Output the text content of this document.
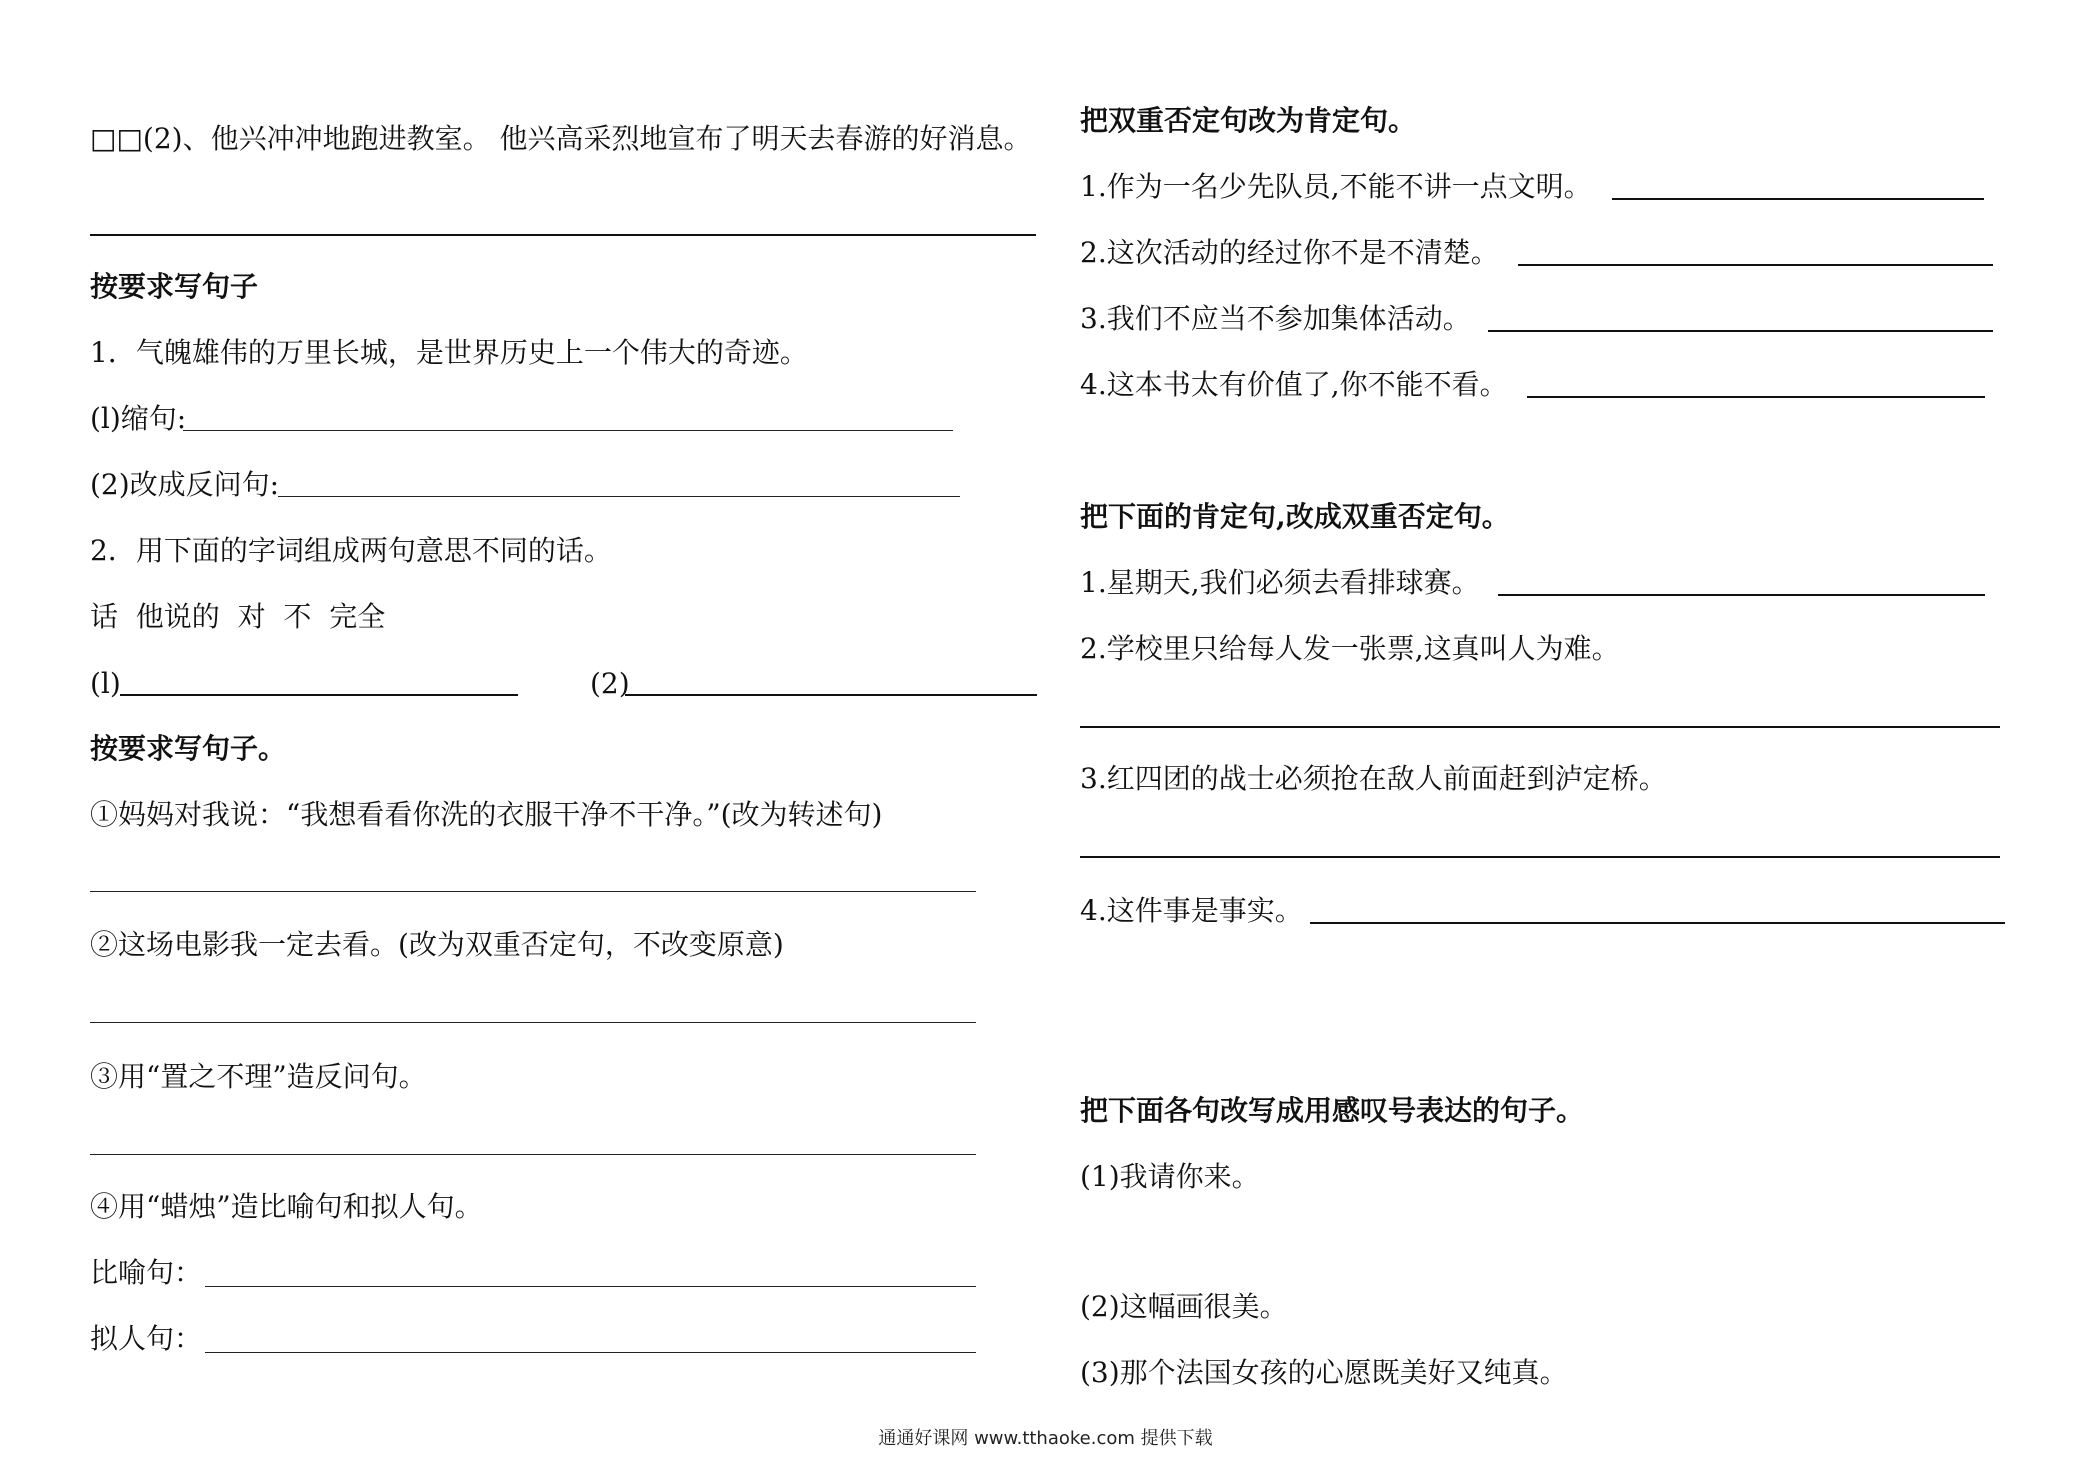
□□(2)、他兴冲冲地跑进教室。 他兴高采烈地宣布了明天去春游的好消息。
按要求写句子
1．气魄雄伟的万里长城，是世界历史上一个伟大的奇迹。
(l)缩句:
(2)改成反问句:
2．用下面的字词组成两句意思不同的话。
话  他说的  对  不  完全
(l)	(2)
按要求写句子。
①妈妈对我说：“我想看看你洗的衣服干净不干净。”(改为转述句)
②这场电影我一定去看。(改为双重否定句，不改变原意)
③用“置之不理”造反问句。
④用“蜡烛”造比喻句和拟人句。
比喻句：
拟人句：
把双重否定句改为肯定句。
1.作为一名少先队员,不能不讲一点文明。
2.这次活动的经过你不是不清楚。
3.我们不应当不参加集体活动。
4.这本书太有价值了,你不能不看。
把下面的肯定句,改成双重否定句。
1.星期天,我们必须去看排球赛。
2.学校里只给每人发一张票,这真叫人为难。
3.红四团的战士必须抢在敌人前面赶到泸定桥。
4.这件事是事实。
把下面各句改写成用感叹号表达的句子。
(1)我请你来。
(2)这幅画很美。
(3)那个法国女孩的心愿既美好又纯真。
通通好课网 www.tthaoke.com 提供下载
